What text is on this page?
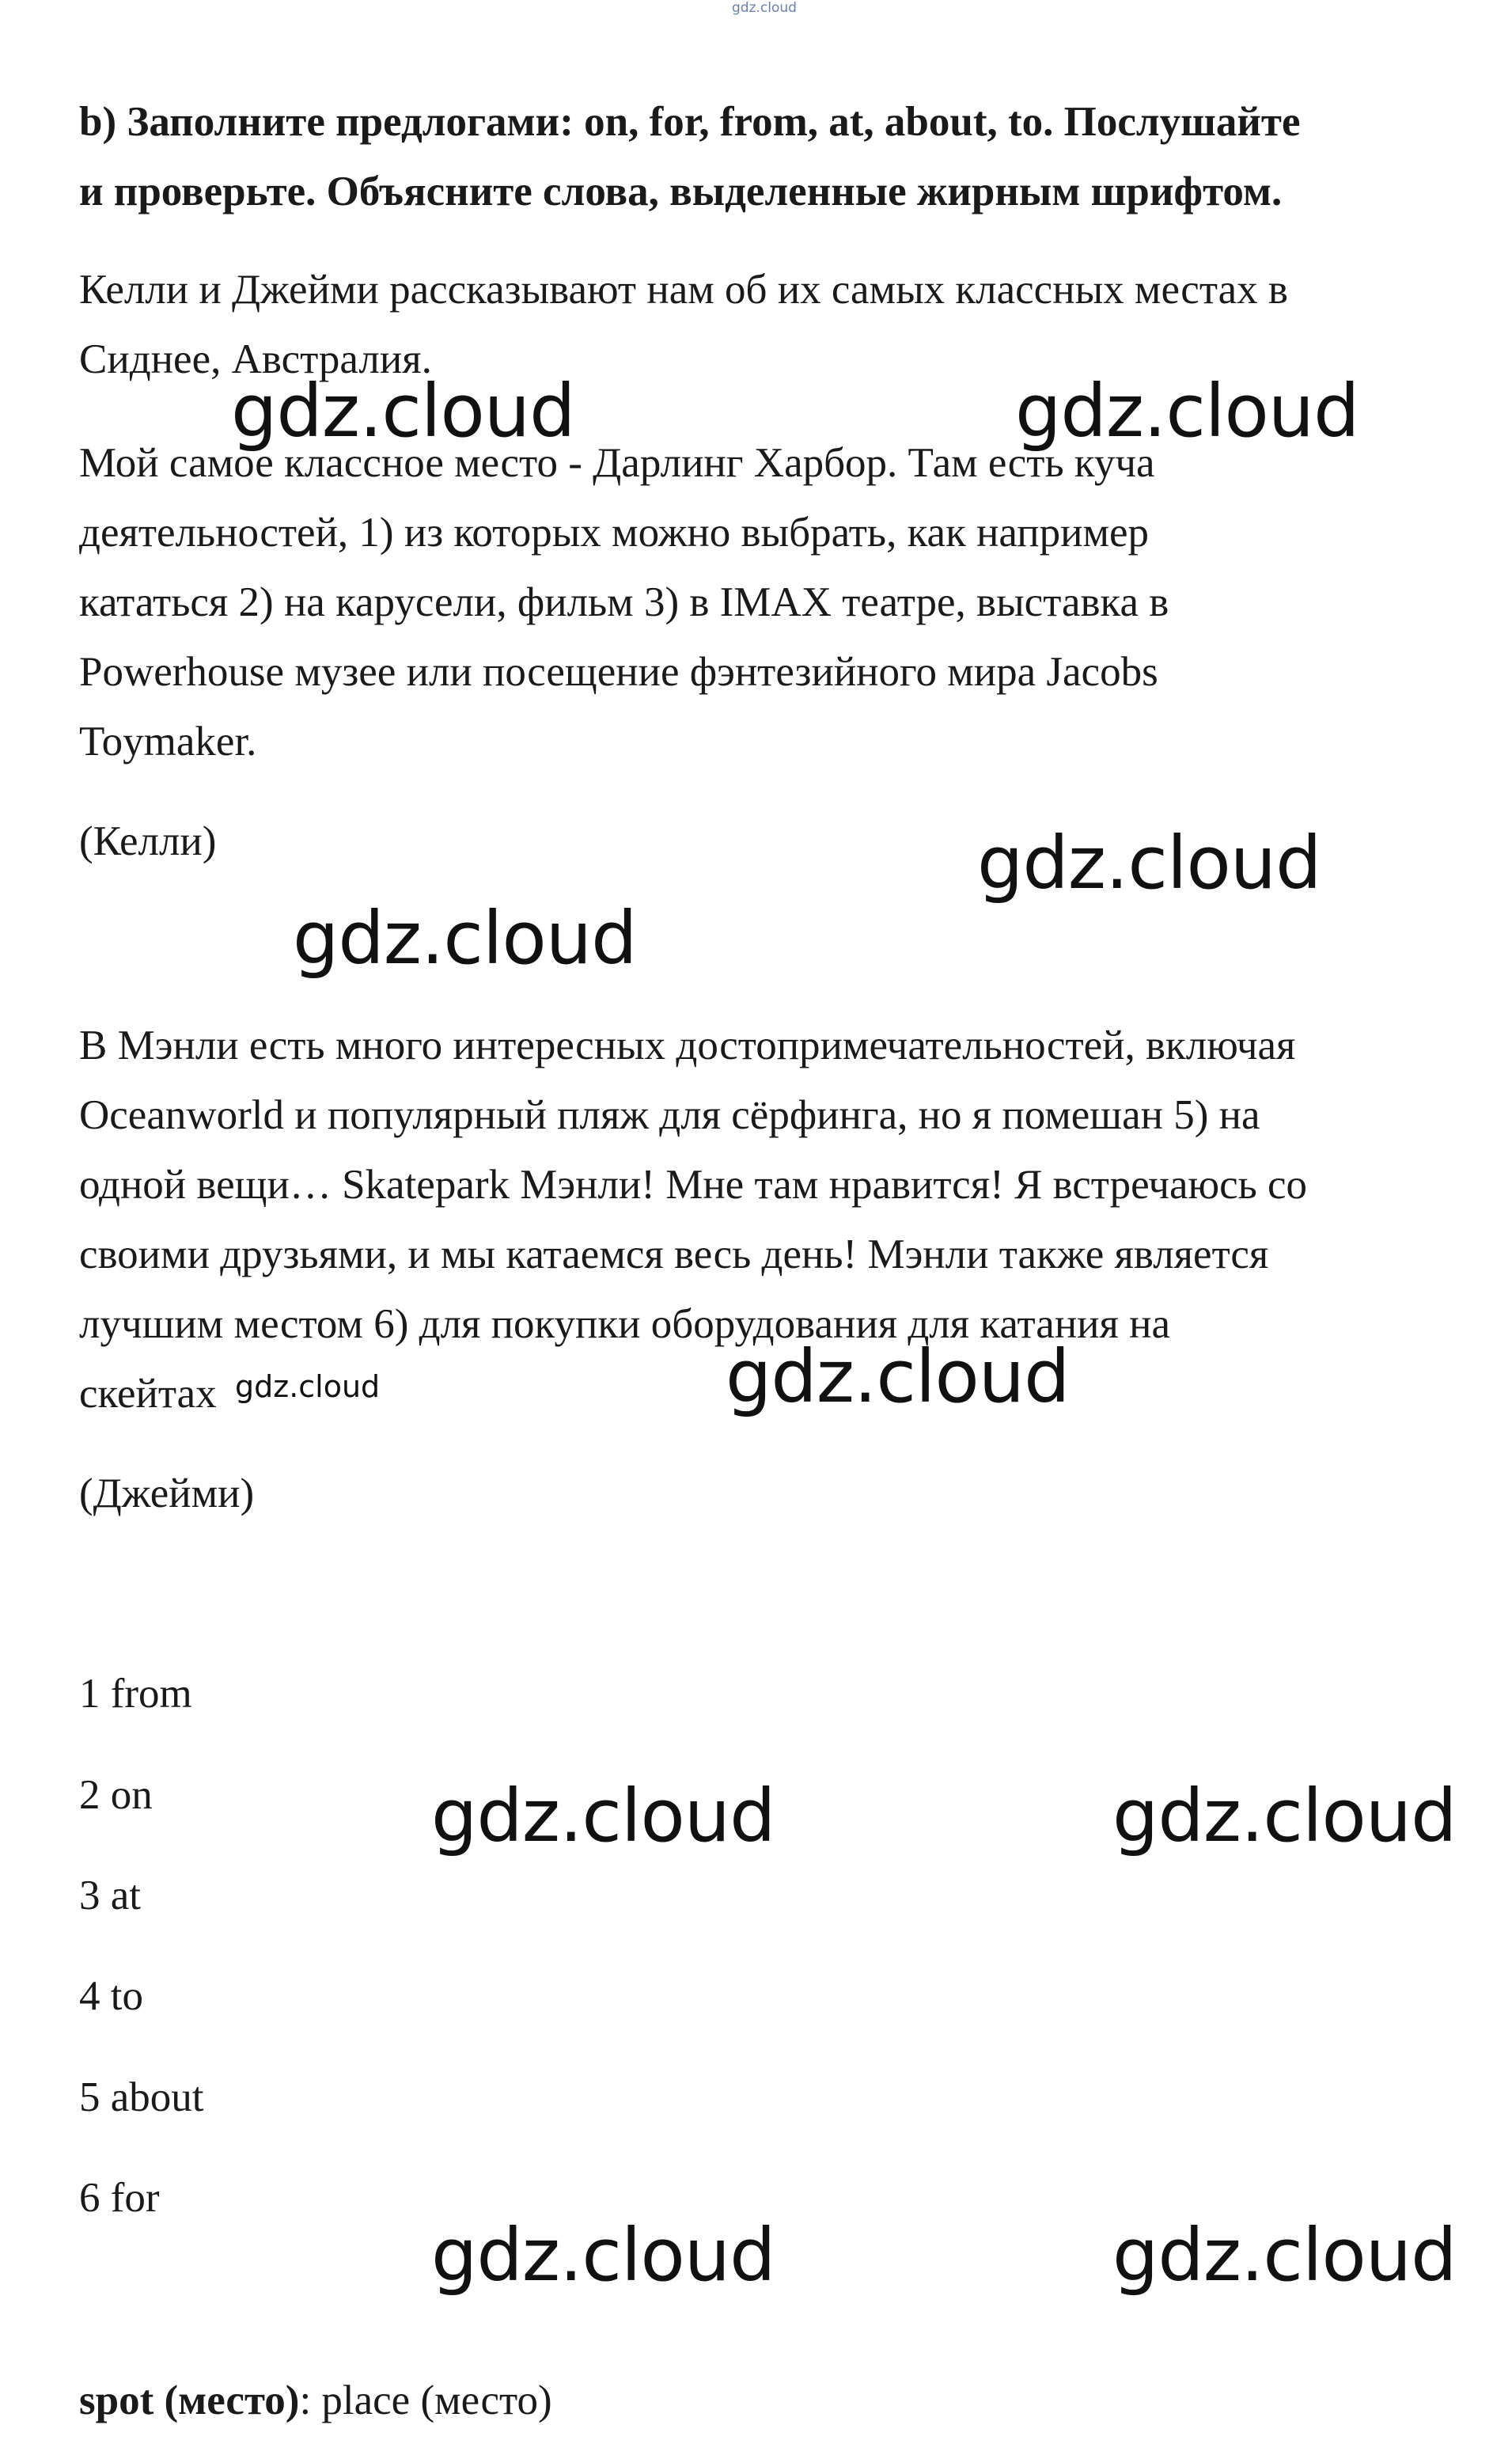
gdz.cloud

b) Заполните предлогами: on, for, from, at, about, to. Послушайте

и проверьте. Объясните слова, выделенные жирным шрифтом.

Келли и Джейми рассказывают нам об их самых классных местах в

Сиднее, Австралия.

Мой самое классное место - Дарлинг Харбор. Там есть куча

деятельностей, 1) из которых можно выбрать, как например

кататься 2) на карусели, фильм 3) в IMAX театре, выставка в

Powerhouse музее или посещение фэнтезийного мира Jacobs

Toymaker.

(Келли)

В Мэнли есть много интересных достопримечательностей, включая

Oceanworld и популярный пляж для сёрфинга, но я помешан 5) на

одной вещи… Skatepark Мэнли! Мне там нравится! Я встречаюсь со

своими друзьями, и мы катаемся весь день! Мэнли также является

лучшим местом 6) для покупки оборудования для катания на

скейтах

(Джейми)

1 from

2 on

3 at

4 to

5 about

6 for

spot (место): place (место)

gdz.cloud	gdz.cloud
gdz.cloud
gdz.cloud
gdz.cloud
gdz.cloud
gdz.cloud	gdz.cloud
gdz.cloud	gdz.cloud
